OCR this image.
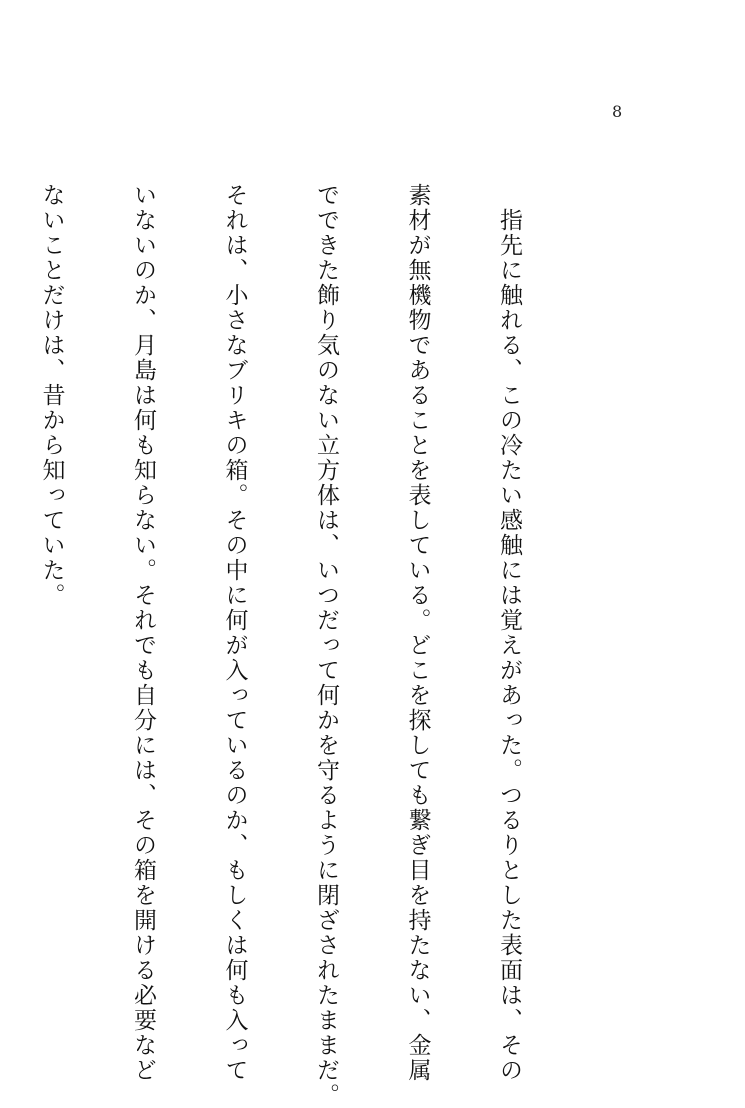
8

　指先に触れる、この冷たい感触には覚えがあった。つるりとした表面は、その

素材が無機物であることを表している。どこを探しても繋ぎ目を持たない、金属

でできた飾り気のない立方体は、いつだって何かを守るように閉ざされたままだ。

それは、小さなブリキの箱。その中に何が入っているのか、もしくは何も入って

いないのか、月島は何も知らない。それでも自分には、その箱を開ける必要など

ないことだけは、昔から知っていた。
